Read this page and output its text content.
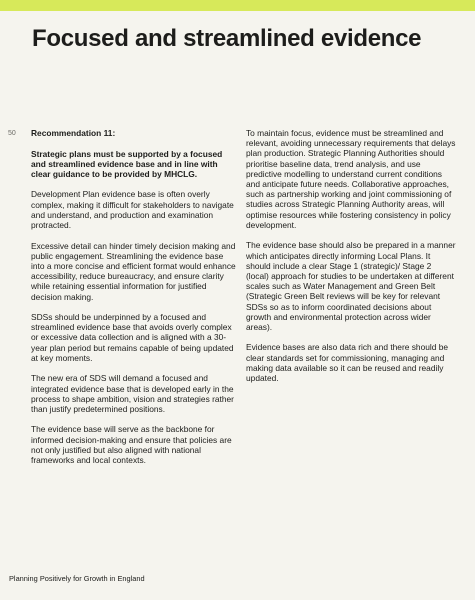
Focused and streamlined evidence
50 Recommendation 11:

Strategic plans must be supported by a focused and streamlined evidence base and in line with clear guidance to be provided by MHCLG.

Development Plan evidence base is often overly complex, making it difficult for stakeholders to navigate and understand, and production and examination protracted.

Excessive detail can hinder timely decision making and public engagement. Streamlining the evidence base into a more concise and efficient format would enhance accessibility, reduce bureaucracy, and ensure clarity while retaining essential information for justified decision making.

SDSs should be underpinned by a focused and streamlined evidence base that avoids overly complex or excessive data collection and is aligned with a 30-year plan period but remains capable of being updated at key moments.

The new era of SDS will demand a focused and integrated evidence base that is developed early in the process to shape ambition, vision and strategies rather than justify predetermined positions.

The evidence base will serve as the backbone for informed decision-making and ensure that policies are not only justified but also aligned with national frameworks and local contexts.

To maintain focus, evidence must be streamlined and relevant, avoiding unnecessary requirements that delays plan production. Strategic Planning Authorities should prioritise baseline data, trend analysis, and use predictive modelling to understand current conditions and anticipate future needs. Collaborative approaches, such as partnership working and joint commissioning of studies across Strategic Planning Authority areas, will optimise resources while fostering consistency in policy development.

The evidence base should also be prepared in a manner which anticipates directly informing Local Plans. It should include a clear Stage 1 (strategic)/ Stage 2 (local) approach for studies to be undertaken at different scales such as Water Management and Green Belt (Strategic Green Belt reviews will be key for relevant SDSs so as to inform coordinated decisions about growth and environmental protection across wider areas).

Evidence bases are also data rich and there should be clear standards set for commissioning, managing and making data available so it can be reused and readily updated.

Planning Positively for Growth in England
